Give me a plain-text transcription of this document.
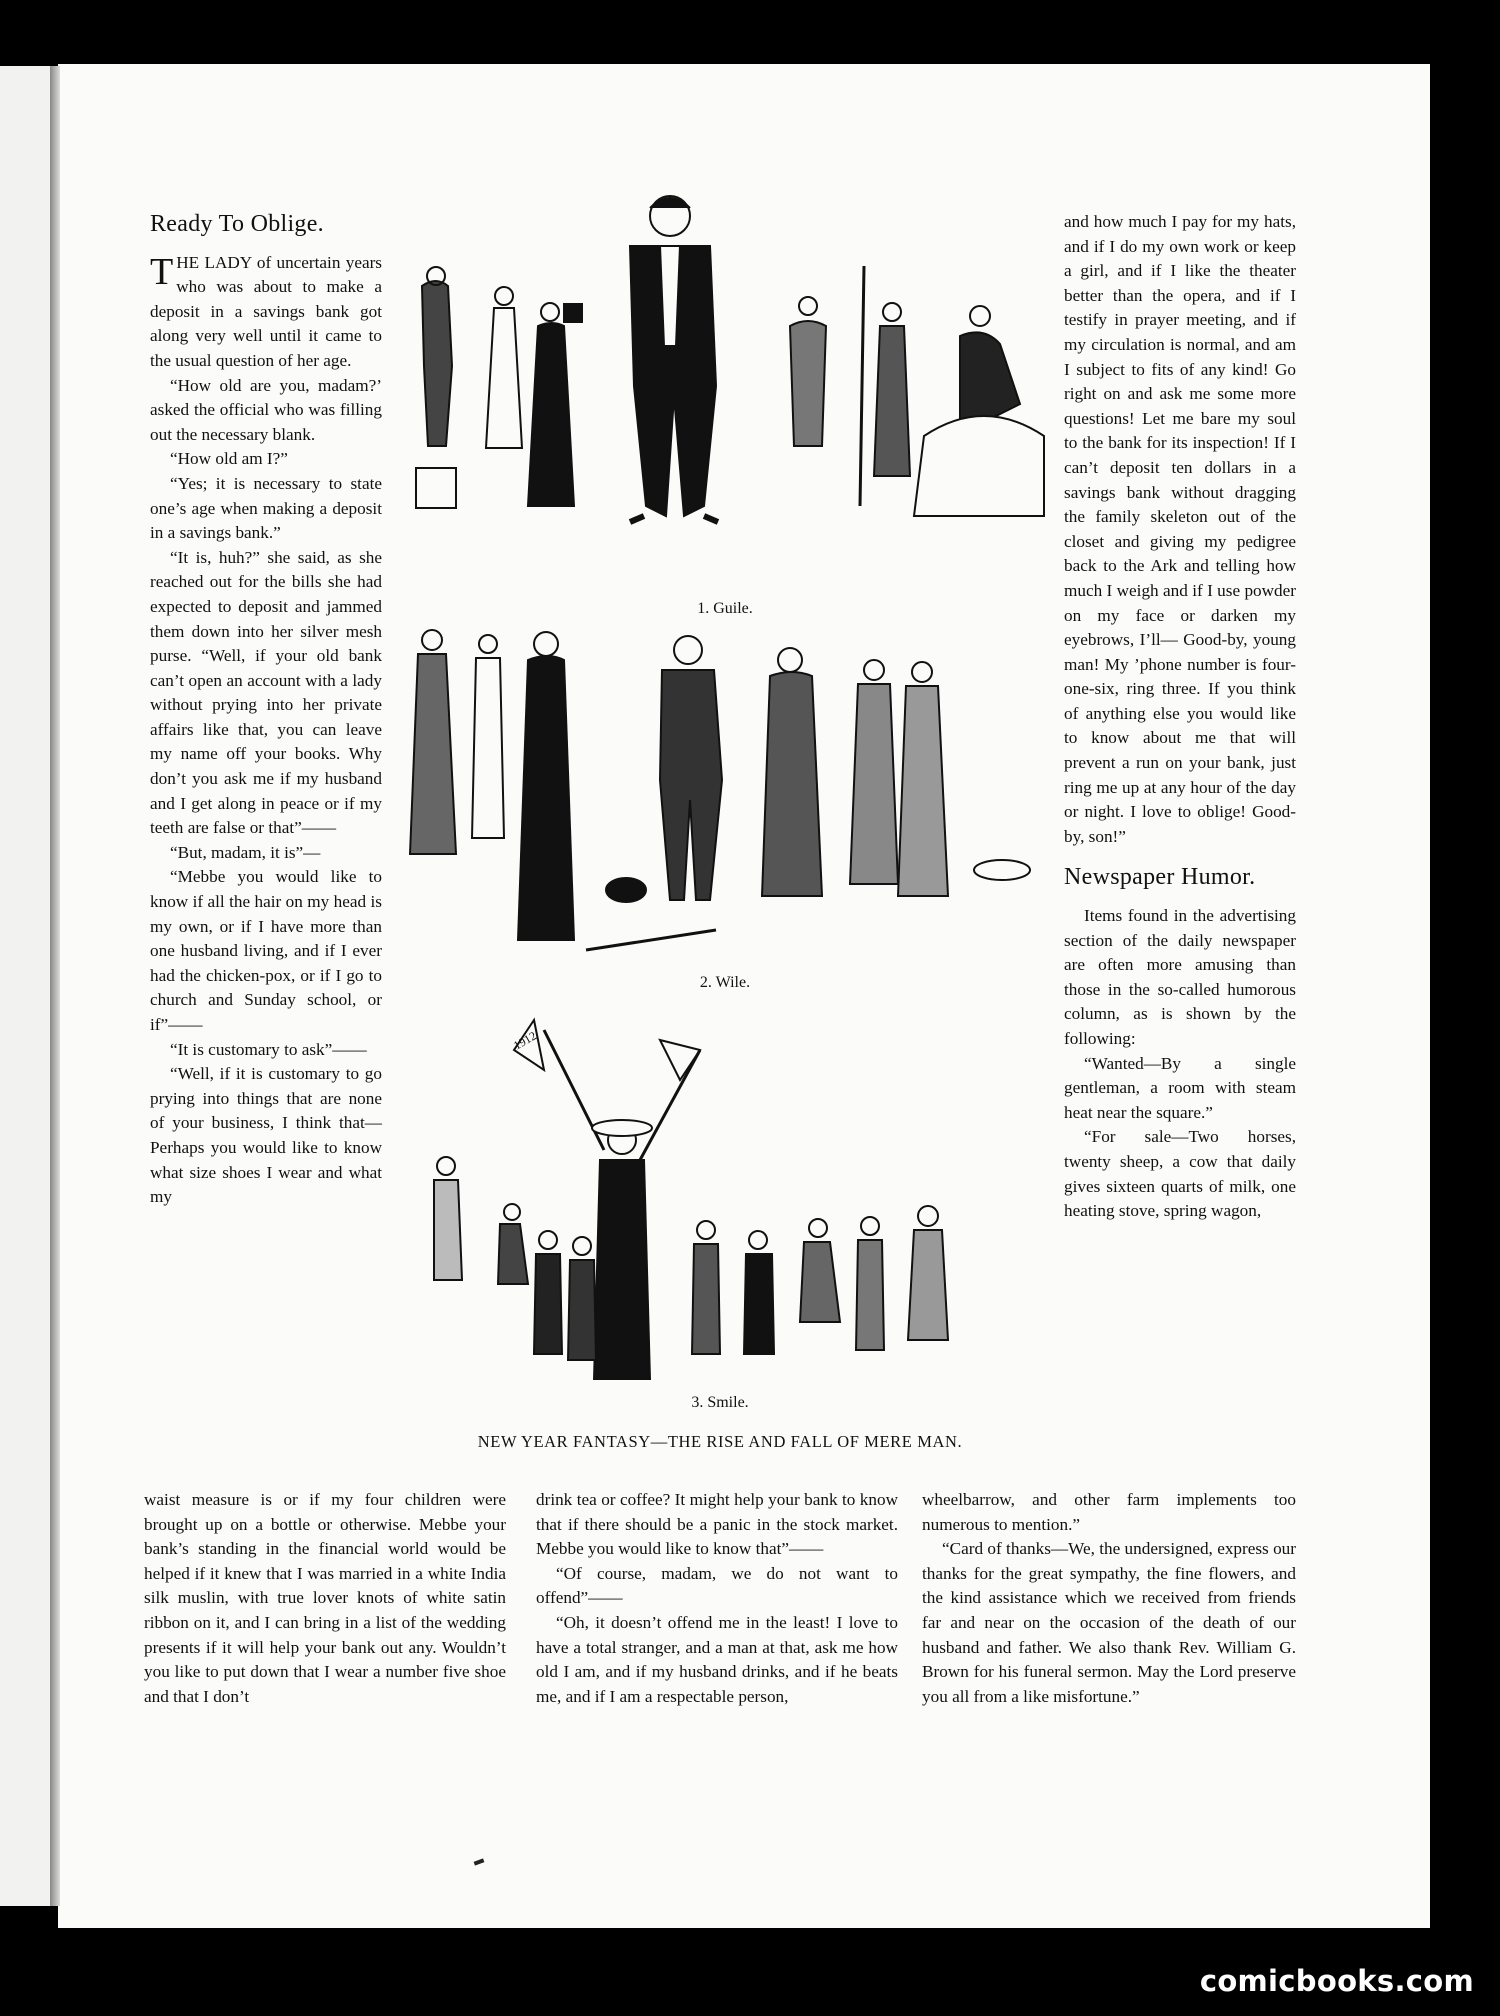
Ready To Oblige.

THE LADY of uncertain years who was about to make a deposit in a savings bank got along very well until it came to the usual question of her age.

“How old are you, madam?’ asked the official who was filling out the necessary blank.

“How old am I?”

“Yes; it is necessary to state one’s age when making a deposit in a savings bank.”

“It is, huh?” she said, as she reached out for the bills she had expected to deposit and jammed them down into her silver mesh purse. “Well, if your old bank can’t open an account with a lady without prying into her private affairs like that, you can leave my name off your books. Why don’t you ask me if my husband and I get along in peace or if my teeth are false or that”——

“But, madam, it is”—

“Mebbe you would like to know if all the hair on my head is my own, or if I have more than one husband living, and if I ever had the chicken-pox, or if I go to church and Sunday school, or if”——

“It is customary to ask”——

“Well, if it is customary to go prying into things that are none of your business, I think that— Perhaps you would like to know what size shoes I wear and what my

and how much I pay for my hats, and if I do my own work or keep a girl, and if I like the theater better than the opera, and if I testify in prayer meeting, and if my circulation is normal, and am I subject to fits of any kind! Go right on and ask me some more questions! Let me bare my soul to the bank for its inspection! If I can’t deposit ten dollars in a savings bank without dragging the family skeleton out of the closet and giving my pedigree back to the Ark and telling how much I weigh and if I use powder on my face or darken my eyebrows, I’ll— Good-by, young man! My ’phone number is four-one-six, ring three. If you think of anything else you would like to know about me that will prevent a run on your bank, just ring me up at any hour of the day or night. I love to oblige! Good-by, son!”

Newspaper Humor.

Items found in the advertising section of the daily newspaper are often more amusing than those in the so-called humorous column, as is shown by the following:

“Wanted—By a single gentleman, a room with steam heat near the square.”

“For sale—Two horses, twenty sheep, a cow that daily gives sixteen quarts of milk, one heating stove, spring wagon,

waist measure is or if my four children were brought up on a bottle or otherwise. Mebbe your bank’s standing in the financial world would be helped if it knew that I was married in a white India silk muslin, with true lover knots of white satin ribbon on it, and I can bring in a list of the wedding presents if it will help your bank out any. Wouldn’t you like to put down that I wear a number five shoe and that I don’t

drink tea or coffee? It might help your bank to know that if there should be a panic in the stock market. Mebbe you would like to know that”——

“Of course, madam, we do not want to offend”——

“Oh, it doesn’t offend me in the least! I love to have a total stranger, and a man at that, ask me how old I am, and if my husband drinks, and if he beats me, and if I am a respectable person,

wheelbarrow, and other farm implements too numerous to mention.”

“Card of thanks—We, the undersigned, express our thanks for the great sympathy, the fine flowers, and the kind assistance which we received from friends far and near on the occasion of the death of our husband and father. We also thank Rev. William G. Brown for his funeral sermon. May the Lord preserve you all from a like misfortune.”

1. Guile.
2. Wile.
1912
3. Smile.
NEW YEAR FANTASY—THE RISE AND FALL OF MERE MAN.
comicbooks.com
